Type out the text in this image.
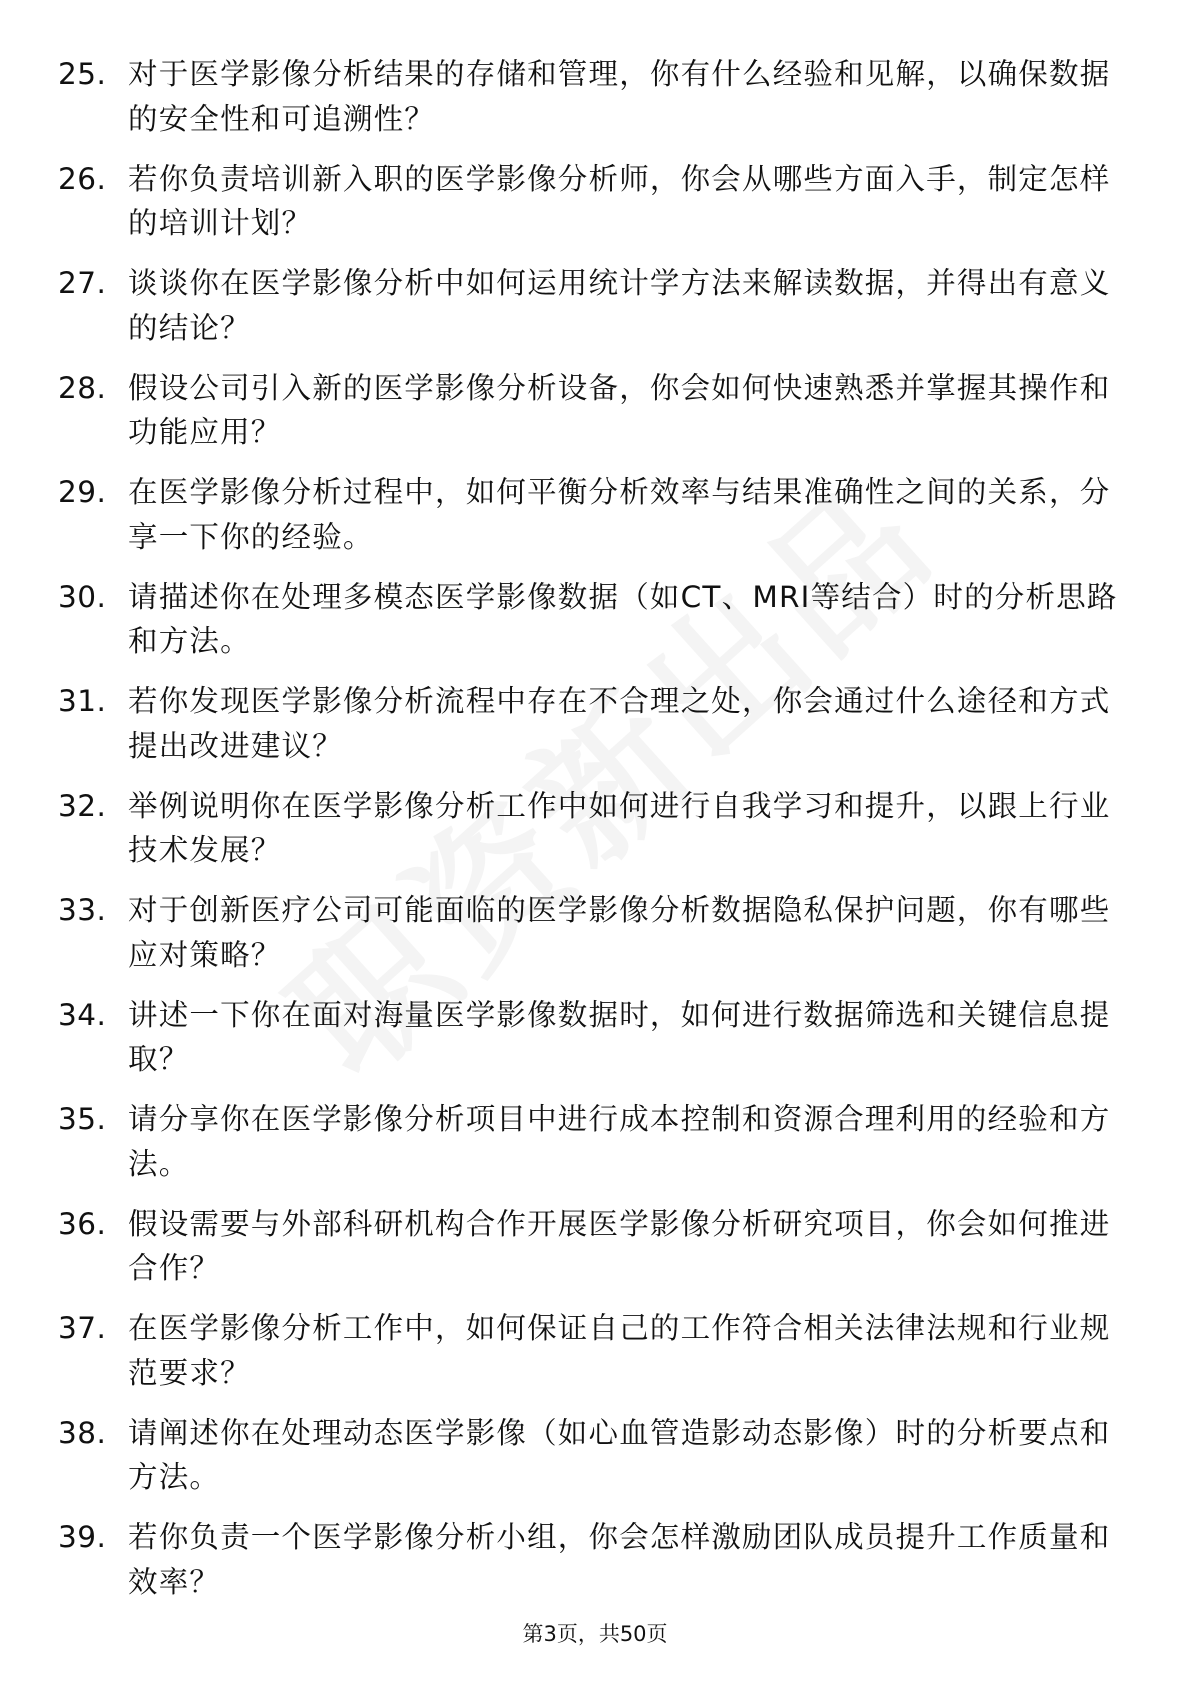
25. 对于医学影像分析结果的存储和管理，你有什么经验和见解，以确保数据的安全性和可追溯性？
26. 若你负责培训新入职的医学影像分析师，你会从哪些方面入手，制定怎样的培训计划？
27. 谈谈你在医学影像分析中如何运用统计学方法来解读数据，并得出有意义的结论？
28. 假设公司引入新的医学影像分析设备，你会如何快速熟悉并掌握其操作和功能应用？
29. 在医学影像分析过程中，如何平衡分析效率与结果准确性之间的关系，分享一下你的经验。
30. 请描述你在处理多模态医学影像数据（如CT、MRI等结合）时的分析思路和方法。
31. 若你发现医学影像分析流程中存在不合理之处，你会通过什么途径和方式提出改进建议？
32. 举例说明你在医学影像分析工作中如何进行自我学习和提升，以跟上行业技术发展？
33. 对于创新医疗公司可能面临的医学影像分析数据隐私保护问题，你有哪些应对策略？
34. 讲述一下你在面对海量医学影像数据时，如何进行数据筛选和关键信息提取？
35. 请分享你在医学影像分析项目中进行成本控制和资源合理利用的经验和方法。
36. 假设需要与外部科研机构合作开展医学影像分析研究项目，你会如何推进合作？
37. 在医学影像分析工作中，如何保证自己的工作符合相关法律法规和行业规范要求？
38. 请阐述你在处理动态医学影像（如心血管造影动态影像）时的分析要点和方法。
39. 若你负责一个医学影像分析小组，你会怎样激励团队成员提升工作质量和效率？
第3页，共50页
